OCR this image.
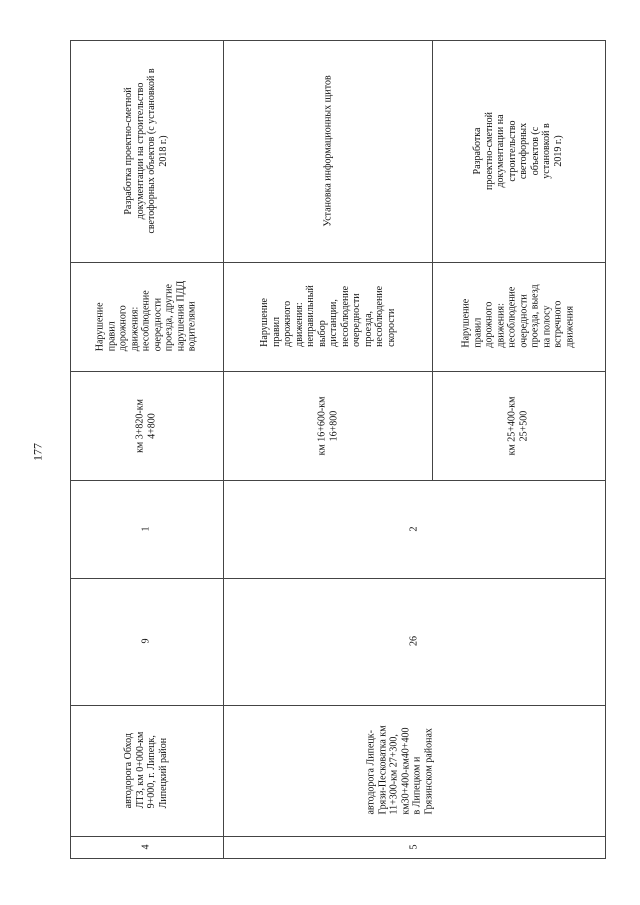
177
4
автодорога Обход
ЛТЗ, км 0+000-км
9+000, г. Липецк,
Липецкий район
9
1
км 3+820-км
4+800
Нарушение
правил
дорожного
движения:
несоблюдение
очередности
проезда, другие
нарушения ПДД
водителями
Разработка проектно-сметной
документации на строительство
светофорных объектов (с установкой в
2018 г.)
5
автодорога Липецк-
Грязи-Песковатка км
11+300-км 27+300,
км30+400-км40+400
в Липецком и
Грязинском районах
26
2
км 16+600-км
16+800
Нарушение
правил
дорожного
движения:
неправильный
выбор
дистанции,
несоблюдение
очередности
проезда,
несоблюдение
скорости
Установка информационных щитов
км 25+400-км
25+500
Нарушение
правил
дорожного
движения:
несоблюдение
очередности
проезда, выезд
на полосу
встречного
движения
Разработка проектно-сметной
документации на строительство
светофорных объектов (с установкой в
2019 г.)
